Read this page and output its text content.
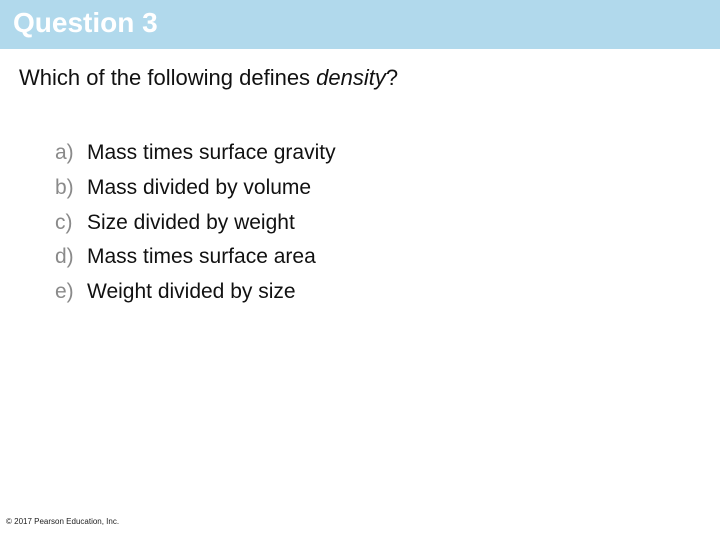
Question 3
Which of the following defines density?
a) Mass times surface gravity
b) Mass divided by volume
c) Size divided by weight
d) Mass times surface area
e) Weight divided by size
© 2017 Pearson Education, Inc.
